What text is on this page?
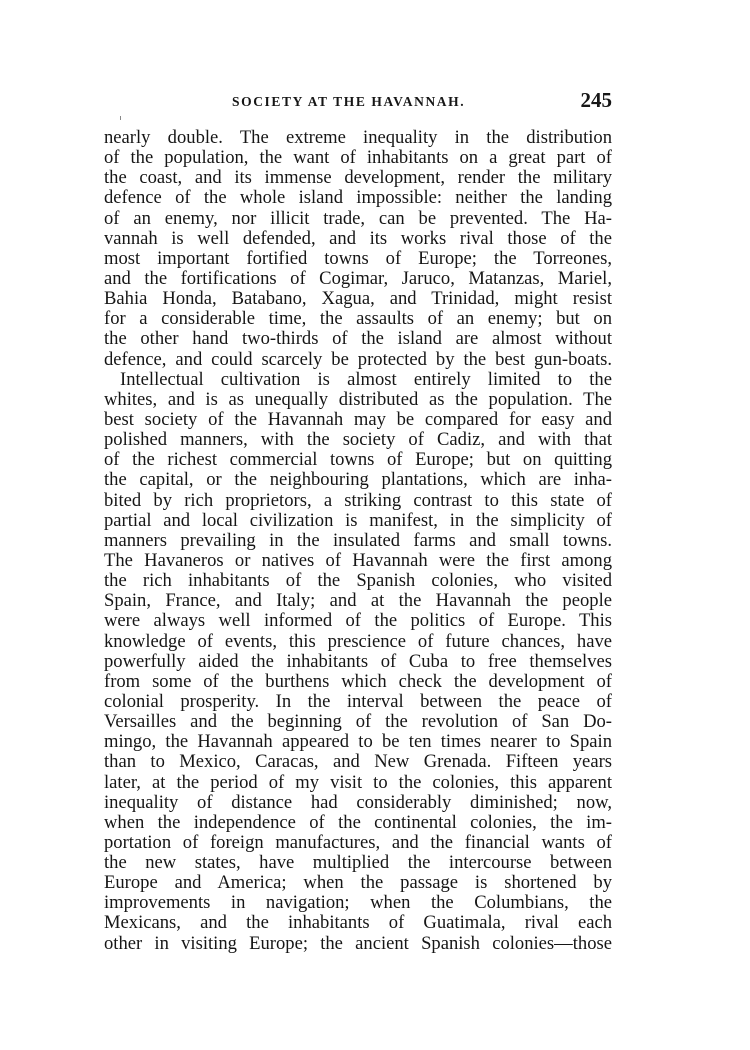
SOCIETY AT THE HAVANNAH.	245
nearly double. The extreme inequality in the distribution
of the population, the want of inhabitants on a great part of
the coast, and its immense development, render the military
defence of the whole island impossible: neither the landing
of an enemy, nor illicit trade, can be prevented. The Ha-
vannah is well defended, and its works rival those of the
most important fortified towns of Europe; the Torreones,
and the fortifications of Cogimar, Jaruco, Matanzas, Mariel,
Bahia Honda, Batabano, Xagua, and Trinidad, might resist
for a considerable time, the assaults of an enemy; but on
the other hand two-thirds of the island are almost without
defence, and could scarcely be protected by the best gun-boats.
Intellectual cultivation is almost entirely limited to the
whites, and is as unequally distributed as the population. The
best society of the Havannah may be compared for easy and
polished manners, with the society of Cadiz, and with that
of the richest commercial towns of Europe; but on quitting
the capital, or the neighbouring plantations, which are inha-
bited by rich proprietors, a striking contrast to this state of
partial and local civilization is manifest, in the simplicity of
manners prevailing in the insulated farms and small towns.
The Havaneros or natives of Havannah were the first among
the rich inhabitants of the Spanish colonies, who visited
Spain, France, and Italy; and at the Havannah the people
were always well informed of the politics of Europe. This
knowledge of events, this prescience of future chances, have
powerfully aided the inhabitants of Cuba to free themselves
from some of the burthens which check the development of
colonial prosperity. In the interval between the peace of
Versailles and the beginning of the revolution of San Do-
mingo, the Havannah appeared to be ten times nearer to Spain
than to Mexico, Caracas, and New Grenada. Fifteen years
later, at the period of my visit to the colonies, this apparent
inequality of distance had considerably diminished; now,
when the independence of the continental colonies, the im-
portation of foreign manufactures, and the financial wants of
the new states, have multiplied the intercourse between
Europe and America; when the passage is shortened by
improvements in navigation; when the Columbians, the
Mexicans, and the inhabitants of Guatimala, rival each
other in visiting Europe; the ancient Spanish colonies—those
